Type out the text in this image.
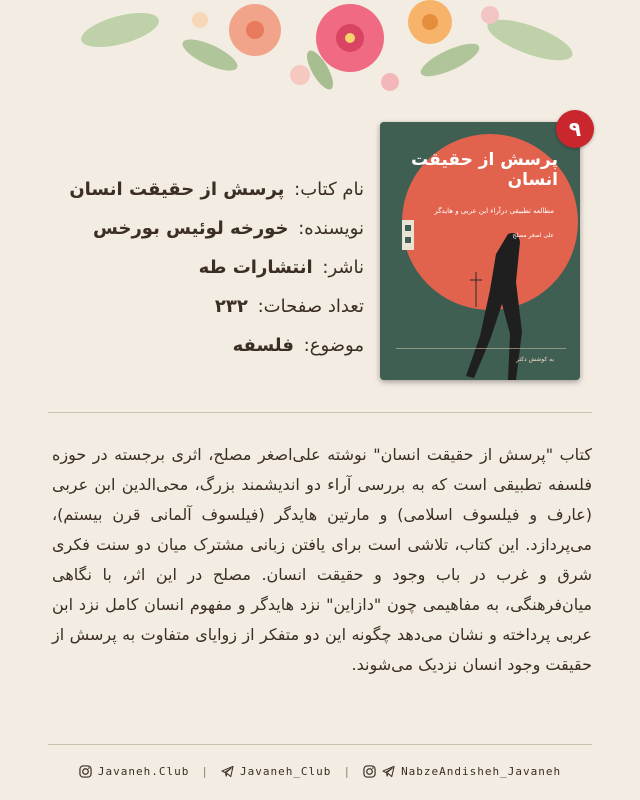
پرسش از حقیقت انسان
مطالعه تطبیقی درآراء ابن عربی و هایدگر
علی اصغر مصلح
به کوشش دکتر
۹
نام کتاب: پرسش از حقیقت انسان
نویسنده: خورخه لوئیس بورخس
ناشر: انتشارات طه
تعداد صفحات: ۲۳۲
موضوع: فلسفه
کتاب "پرسش از حقیقت انسان" نوشته علی‌اصغر مصلح، اثری برجسته در حوزه فلسفه تطبیقی است که به بررسی آراء دو اندیشمند بزرگ، محی‌الدین ابن عربی (عارف و فیلسوف اسلامی) و مارتین هایدگر (فیلسوف آلمانی قرن بیستم)، می‌پردازد. این کتاب، تلاشی است برای یافتن زبانی مشترک میان دو سنت فکری شرق و غرب در باب وجود و حقیقت انسان. مصلح در این اثر، با نگاهی میان‌فرهنگی، به مفاهیمی چون "دازاین" نزد هایدگر و مفهوم انسان کامل نزد ابن عربی پرداخته و نشان می‌دهد چگونه این دو متفکر از زوایای متفاوت به پرسش از حقیقت وجود انسان نزدیک می‌شوند.
Javaneh.Club |	Javaneh_Club |	NabzeAndisheh_Javaneh
